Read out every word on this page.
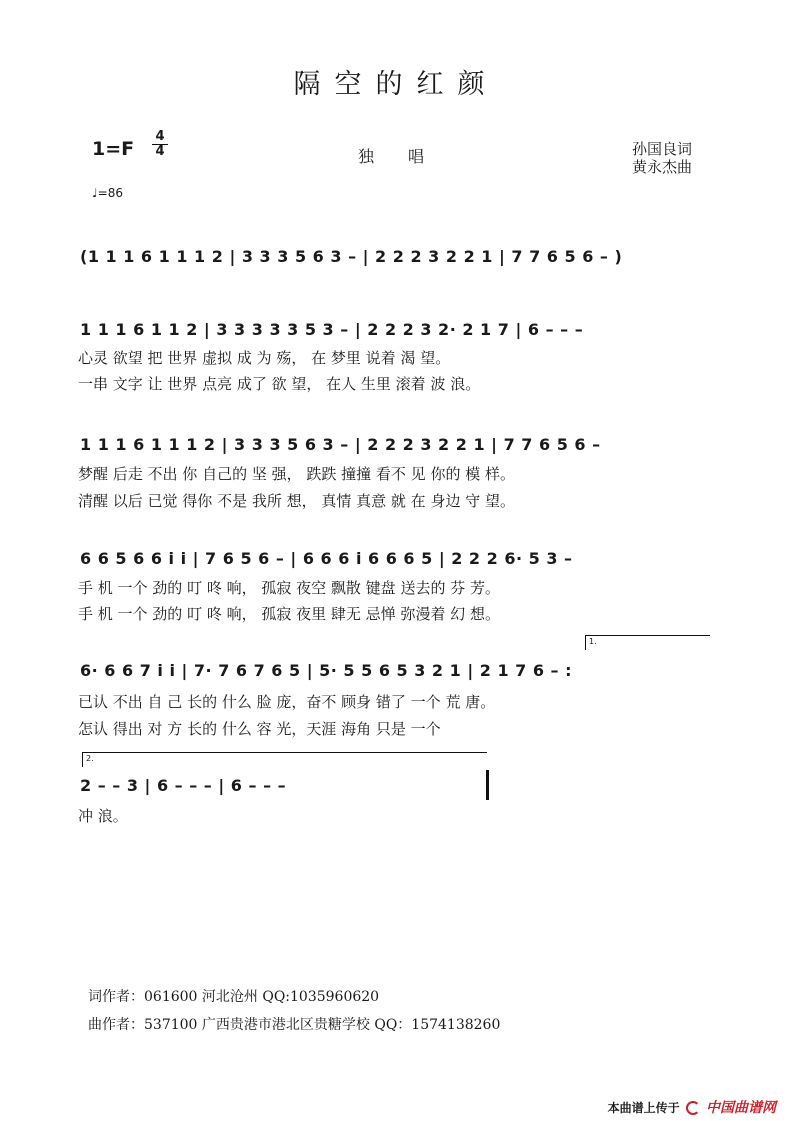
隔空的红颜
1=F
4
4	独唱	孙国良词
黄永杰曲
♩=86
(1 1 1 6 1 1 1 2 | 3 3 3 5 6 3 – | 2 2 2 3 2 2 1 | 7 7 6 5 6 – )
1 1 1 6 1 1 2 | 3 3 3 3 3 5 3 – | 2 2 2 3 2· 2 1 7 | 6 – – –
心灵 欲望 把 世界 虚拟 成 为 殇， 在 梦里 说着 渴 望。
一串 文字 让 世界 点亮 成了 欲 望， 在人 生里 滚着 波 浪。
1 1 1 6 1 1 1 2 | 3 3 3 5 6 3 – | 2 2 2 3 2 2 1 | 7 7 6 5 6 –
梦醒 后走 不出 你 自己的 坚 强， 跌跌 撞撞 看不 见 你的 模 样。
清醒 以后 已觉 得你 不是 我所 想， 真情 真意 就 在 身边 守 望。
6 6 5 6 6 i i | 7 6 5 6 – | 6 6 6 i 6 6 6 5 | 2 2 2 6· 5 3 –
手 机 一个 劲的 叮 咚 响， 孤寂 夜空 飘散 键盘 送去的 芬 芳。
手 机 一个 劲的 叮 咚 响， 孤寂 夜里 肆无 忌惮 弥漫着 幻 想。
1.
6· 6 6 7 i i | 7· 7 6 7 6 5 | 5· 5 5 6 5 3 2 1 | 2 1 7 6 – :
已认 不出 自 己 长的 什么 脸 庞，奋不 顾身 错了 一个 荒 唐。
怎认 得出 对 方 长的 什么 容 光，天涯 海角 只是 一个
2.
2 – – 3 | 6 – – – | 6 – – –
冲 浪。
词作者：061600 河北沧州 QQ:1035960620
曲作者：537100 广西贵港市港北区贵糖学校 QQ：1574138260
本曲谱上传于 中国曲谱网
